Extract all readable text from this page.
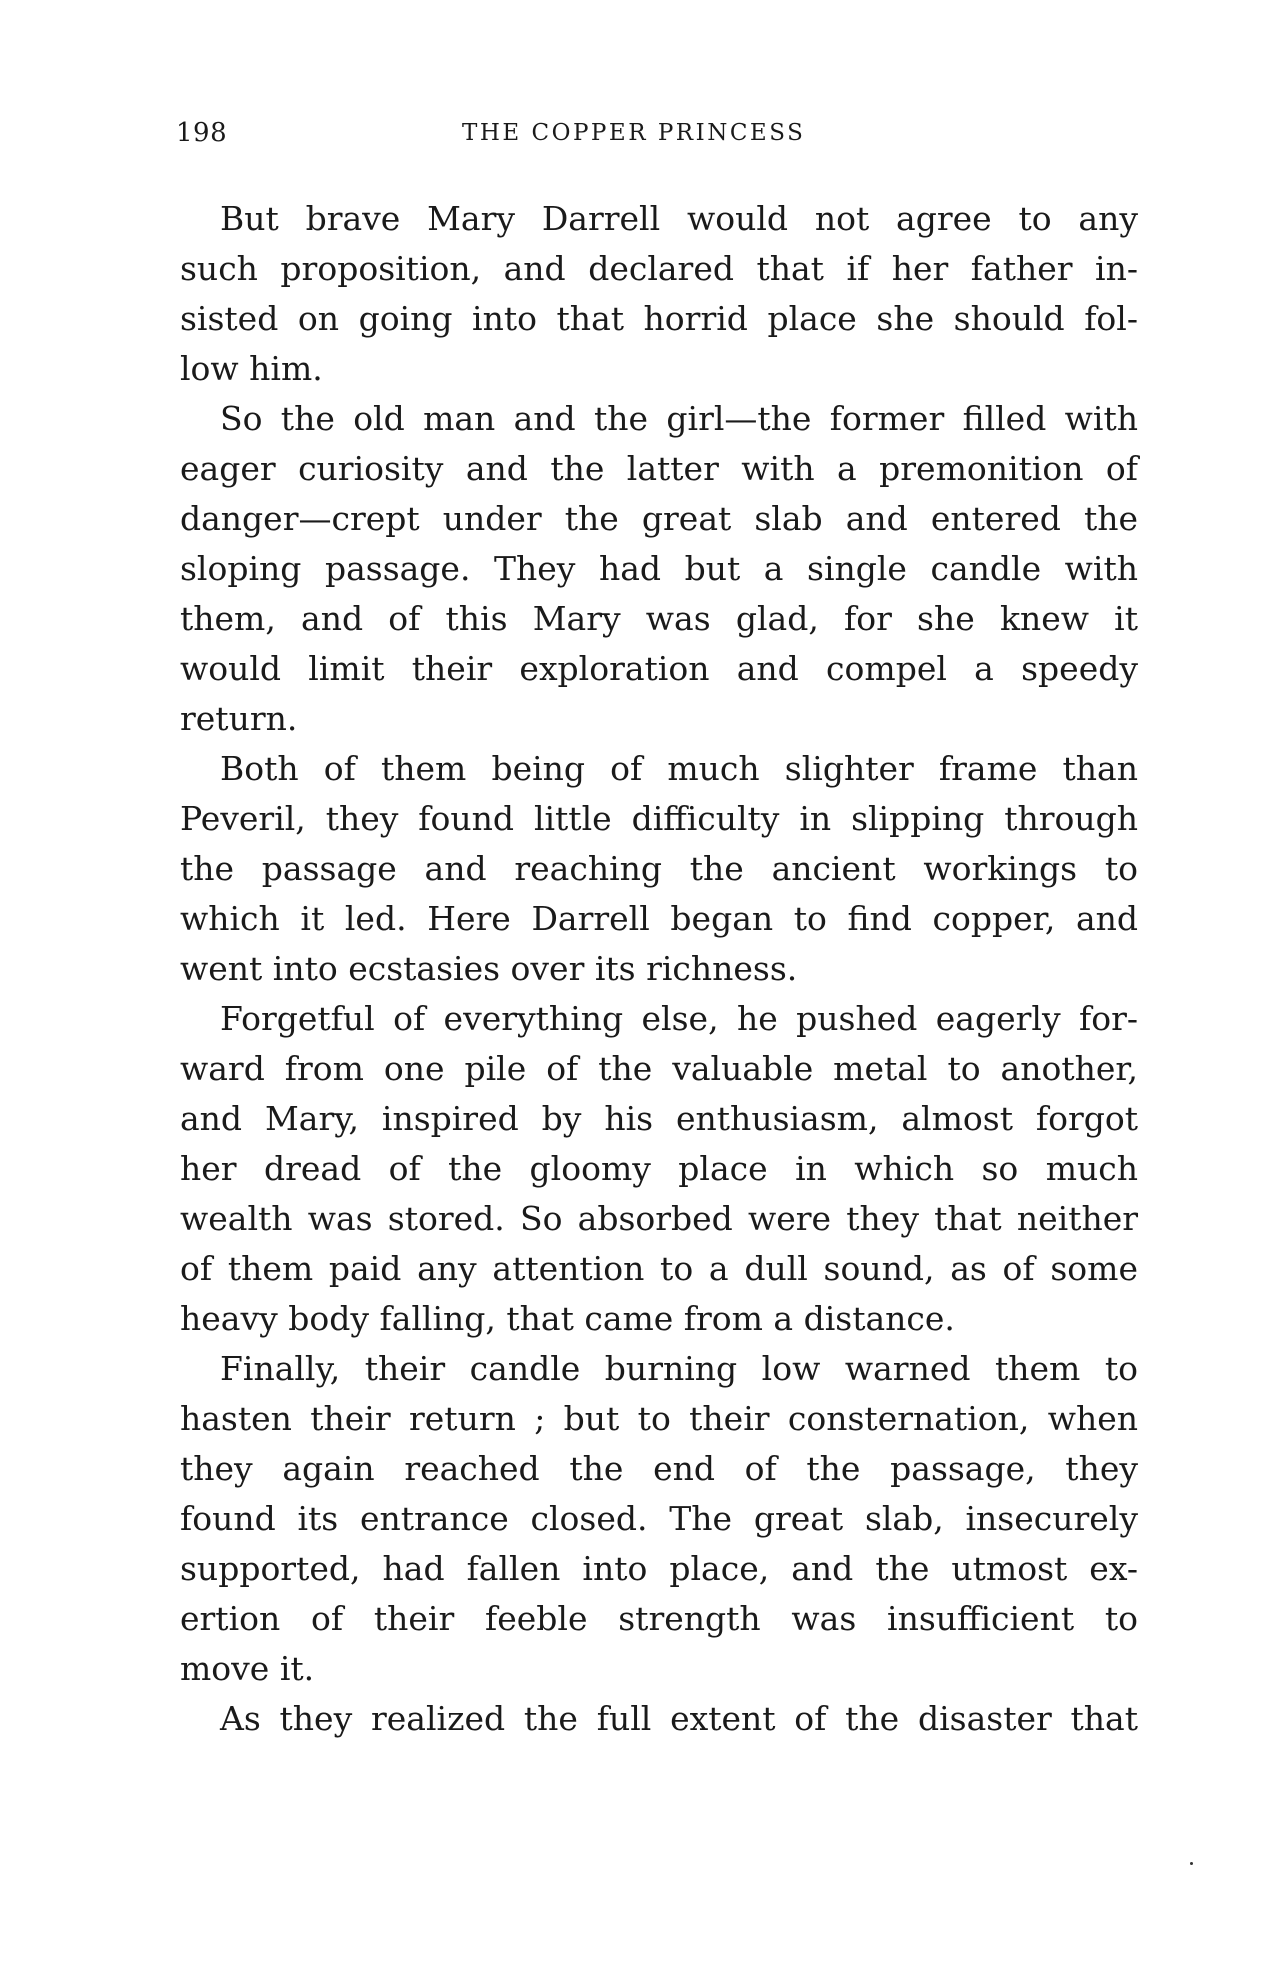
198	THE COPPER PRINCESS
But brave Mary Darrell would not agree to any
such proposition, and declared that if her father in-
sisted on going into that horrid place she should fol-
low him.
So the old man and the girl—the former filled with
eager curiosity and the latter with a premonition of
danger—crept under the great slab and entered the
sloping passage. They had but a single candle with
them, and of this Mary was glad, for she knew it
would limit their exploration and compel a speedy
return.
Both of them being of much slighter frame than
Peveril, they found little difficulty in slipping through
the passage and reaching the ancient workings to
which it led. Here Darrell began to find copper, and
went into ecstasies over its richness.
Forgetful of everything else, he pushed eagerly for-
ward from one pile of the valuable metal to another,
and Mary, inspired by his enthusiasm, almost forgot
her dread of the gloomy place in which so much
wealth was stored. So absorbed were they that neither
of them paid any attention to a dull sound, as of some
heavy body falling, that came from a distance.
Finally, their candle burning low warned them to
hasten their return ; but to their consternation, when
they again reached the end of the passage, they
found its entrance closed. The great slab, insecurely
supported, had fallen into place, and the utmost ex-
ertion of their feeble strength was insufficient to
move it.
As they realized the full extent of the disaster that
